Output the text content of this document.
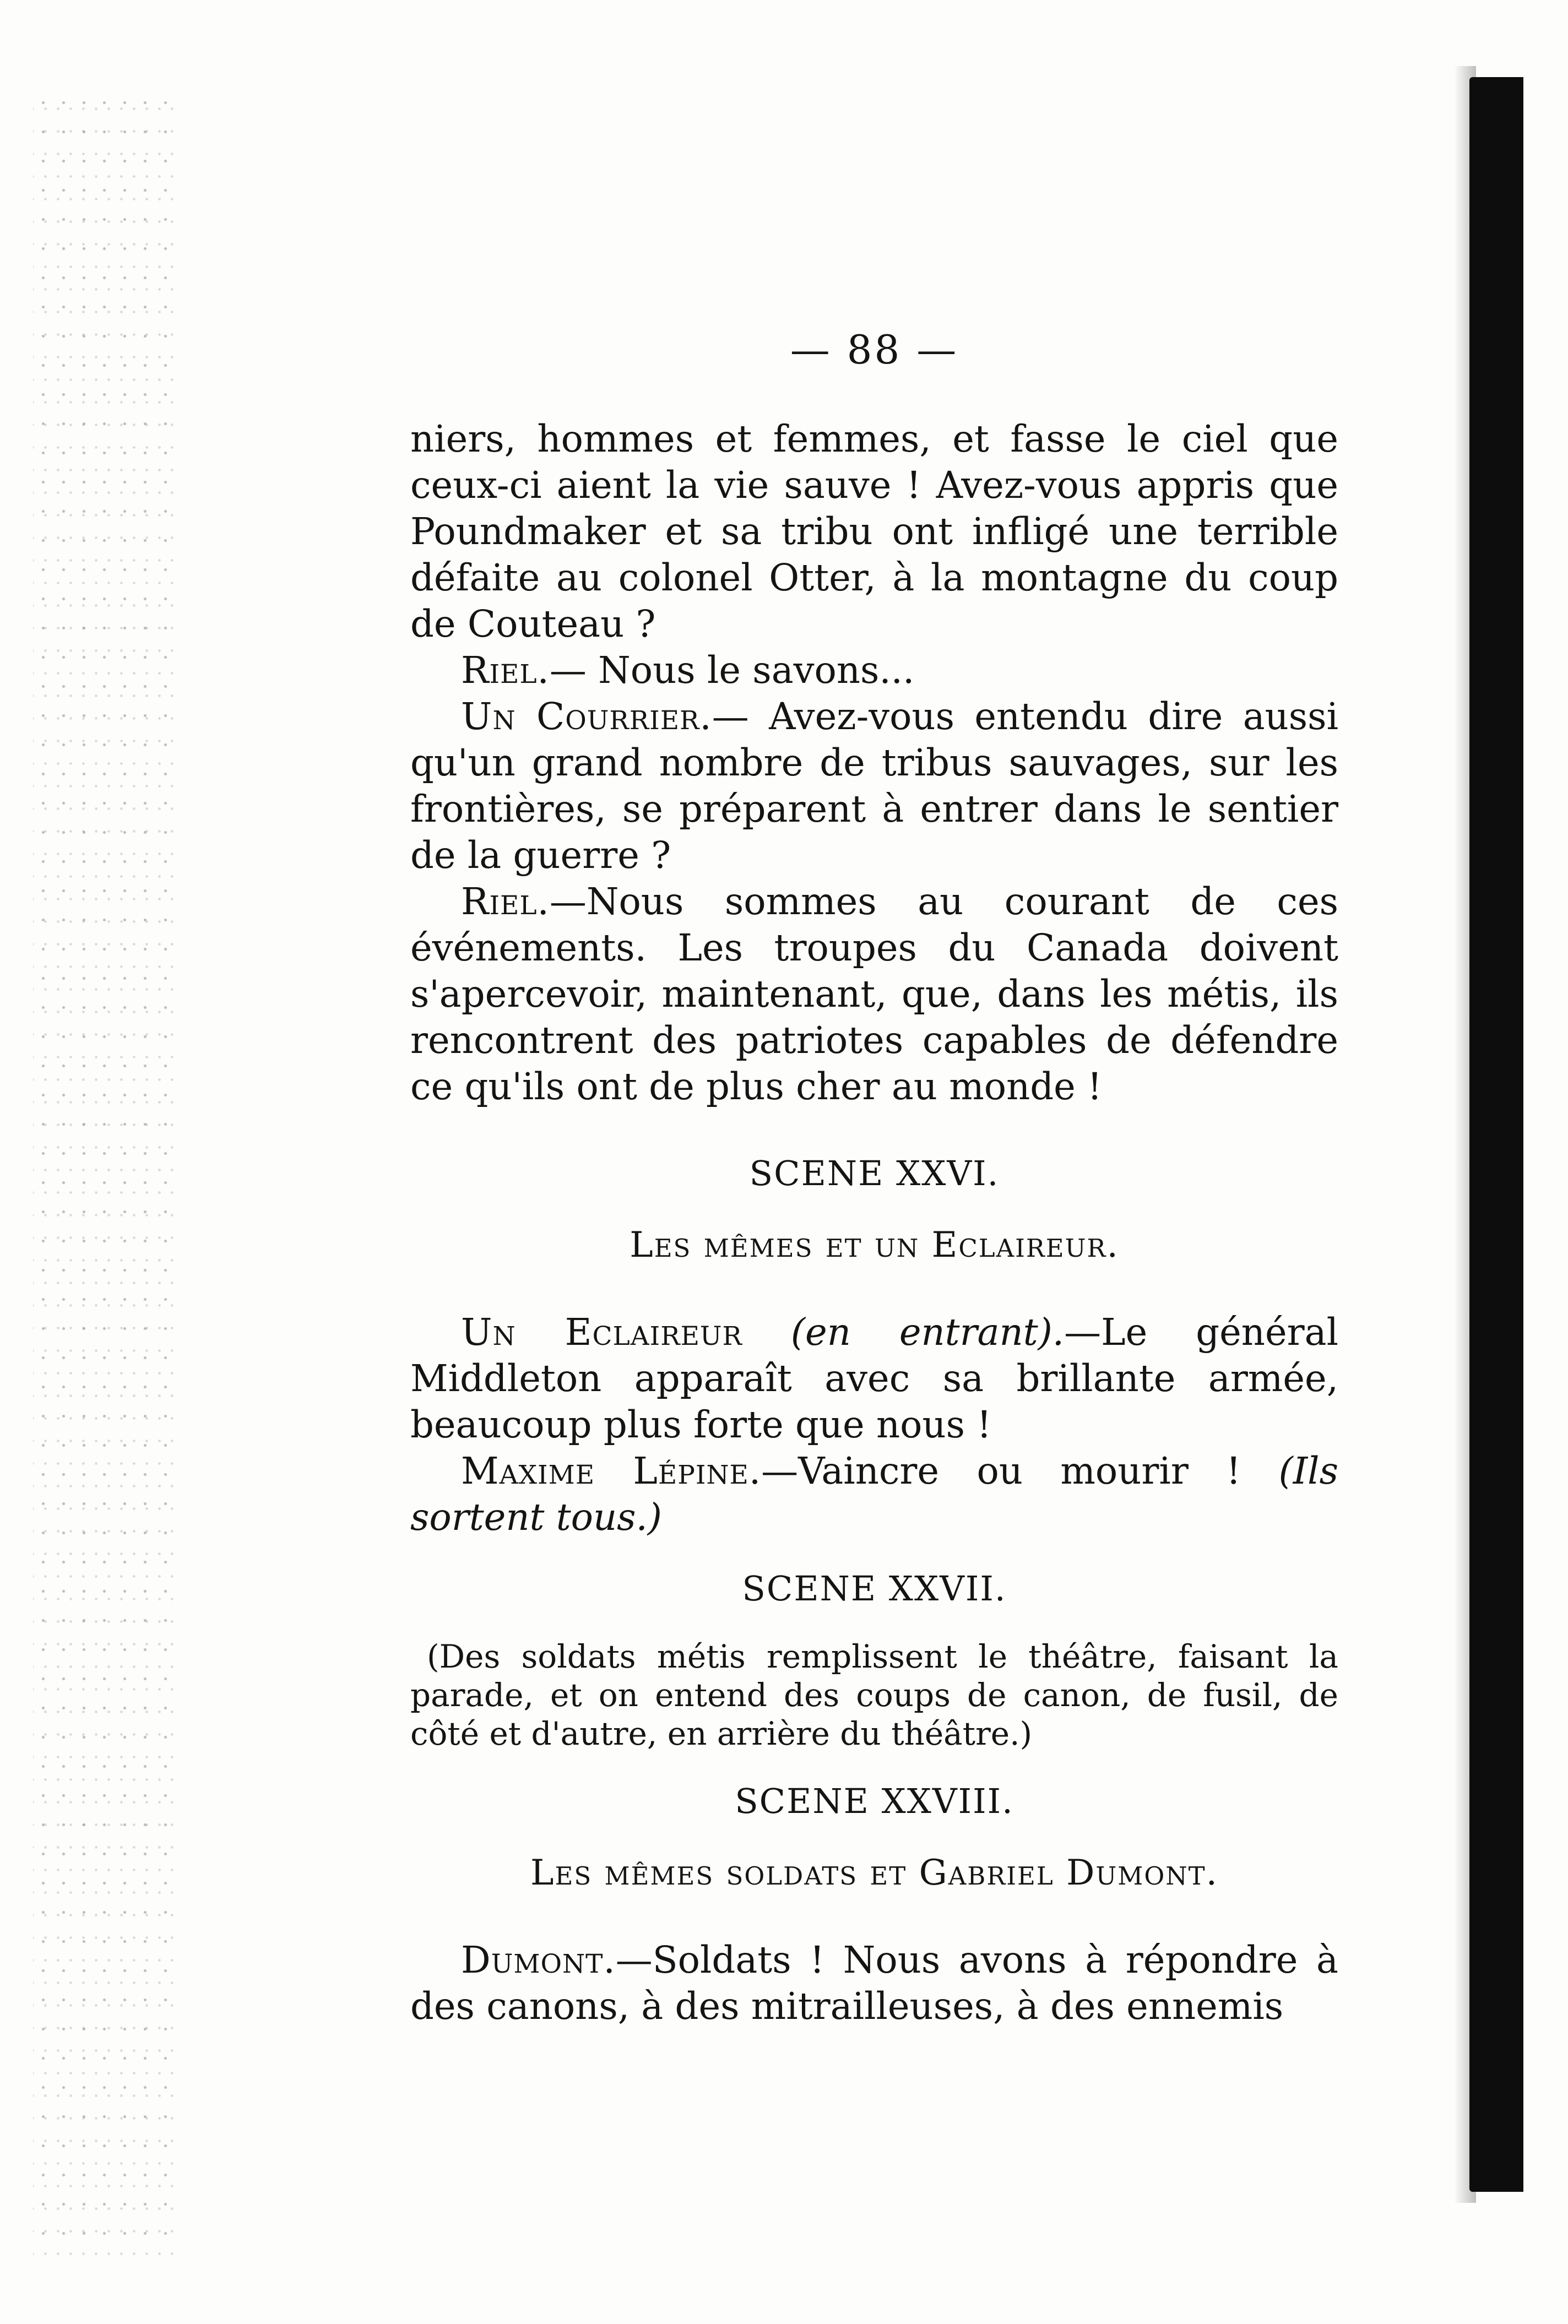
— 88 —

niers, hommes et femmes, et fasse le ciel que ceux-ci aient la vie sauve ! Avez-vous appris que Poundmaker et sa tribu ont infligé une terrible défaite au colonel Otter, à la montagne du coup de Couteau ?

Riel.— Nous le savons...

Un Courrier.— Avez-vous entendu dire aussi qu'un grand nombre de tribus sauvages, sur les frontières, se préparent à entrer dans le sentier de la guerre ?

Riel.—Nous sommes au courant de ces événements. Les troupes du Canada doivent s'apercevoir, maintenant, que, dans les métis, ils rencontrent des patriotes capables de défendre ce qu'ils ont de plus cher au monde !

SCENE XXVI.

Les mêmes et un Eclaireur.

Un Eclaireur (en entrant).—Le général Middleton apparaît avec sa brillante armée, beaucoup plus forte que nous !

Maxime Lépine.—Vaincre ou mourir ! (Ils sortent tous.)

SCENE XXVII.

(Des soldats métis remplissent le théâtre, faisant la parade, et on entend des coups de canon, de fusil, de côté et d'autre, en arrière du théâtre.)

SCENE XXVIII.

Les mêmes soldats et Gabriel Dumont.

Dumont.—Soldats ! Nous avons à répondre à des canons, à des mitrailleuses, à des ennemis
